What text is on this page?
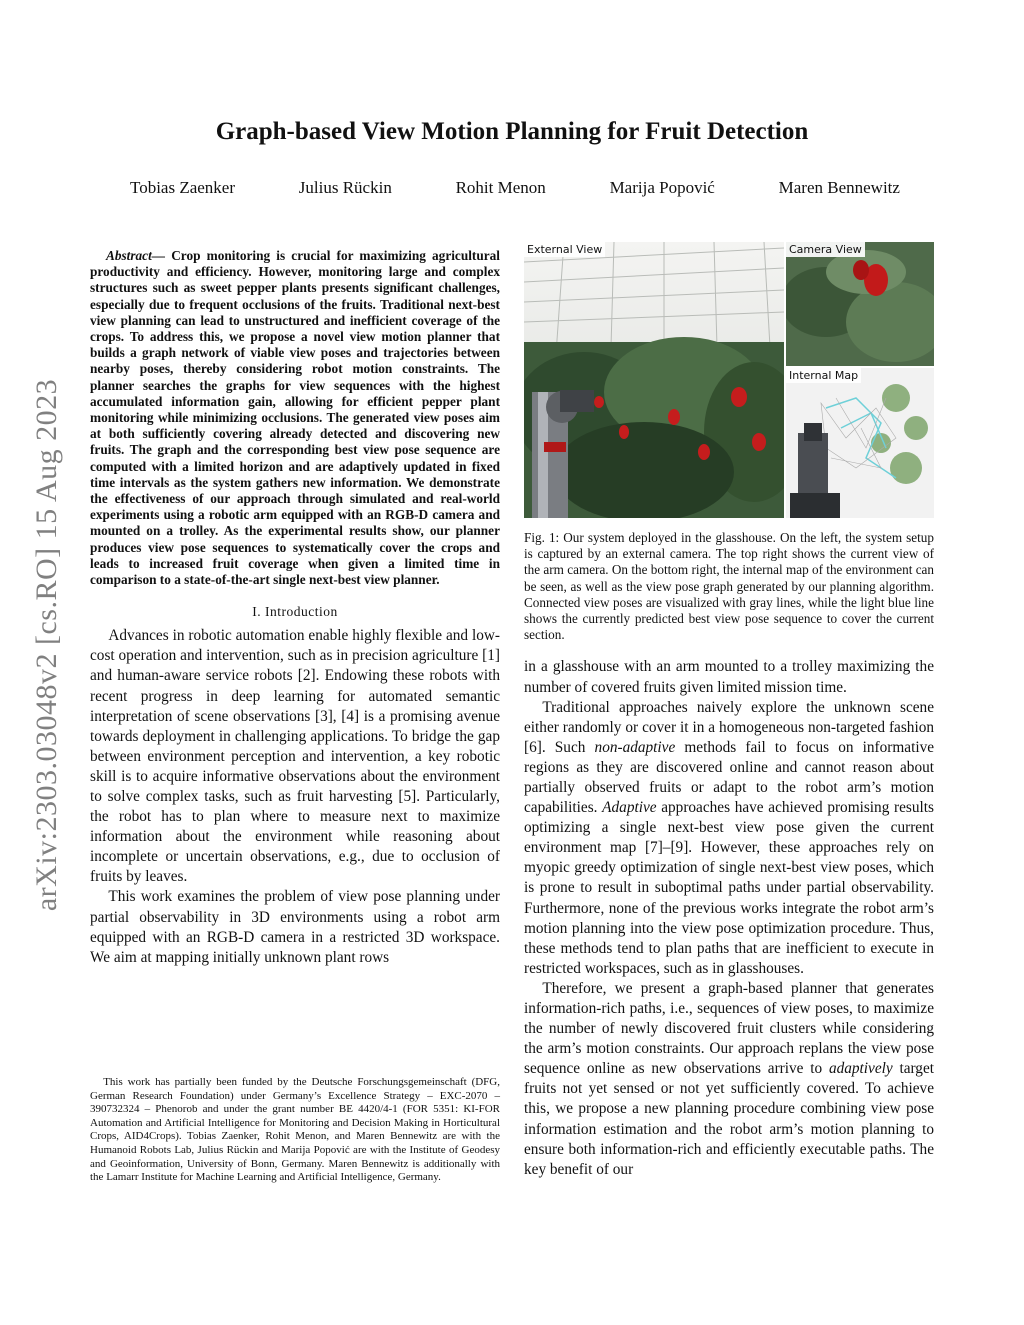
arXiv:2303.03048v2 [cs.RO] 15 Aug 2023
Graph-based View Motion Planning for Fruit Detection
Tobias Zaenker	Julius Rückin	Rohit Menon	Marija Popović	Maren Bennewitz

Abstract— Crop monitoring is crucial for maximizing agricultural productivity and efficiency. However, monitoring large and complex structures such as sweet pepper plants presents significant challenges, especially due to frequent occlusions of the fruits. Traditional next-best view planning can lead to unstructured and inefficient coverage of the crops. To address this, we propose a novel view motion planner that builds a graph network of viable view poses and trajectories between nearby poses, thereby considering robot motion constraints. The planner searches the graphs for view sequences with the highest accumulated information gain, allowing for efficient pepper plant monitoring while minimizing occlusions. The generated view poses aim at both sufficiently covering already detected and discovering new fruits. The graph and the corresponding best view pose sequence are computed with a limited horizon and are adaptively updated in fixed time intervals as the system gathers new information. We demonstrate the effectiveness of our approach through simulated and real-world experiments using a robotic arm equipped with an RGB-D camera and mounted on a trolley. As the experimental results show, our planner produces view pose sequences to systematically cover the crops and leads to increased fruit coverage when given a limited time in comparison to a state-of-the-art single next-best view planner.

I. Introduction

Advances in robotic automation enable highly flexible and low-cost operation and intervention, such as in precision agriculture [1] and human-aware service robots [2]. Endowing these robots with recent progress in deep learning for automated semantic interpretation of scene observations [3], [4] is a promising avenue towards deployment in challenging applications. To bridge the gap between environment perception and intervention, a key robotic skill is to acquire informative observations about the environment to solve complex tasks, such as fruit harvesting [5]. Particularly, the robot has to plan where to measure next to maximize information about the environment while reasoning about incomplete or uncertain observations, e.g., due to occlusion of fruits by leaves.

This work examines the problem of view pose planning under partial observability in 3D environments using a robot arm equipped with an RGB-D camera in a restricted 3D workspace. We aim at mapping initially unknown plant rows

This work has partially been funded by the Deutsche Forschungsgemeinschaft (DFG, German Research Foundation) under Germany’s Excellence Strategy – EXC-2070 – 390732324 – Phenorob and under the grant number BE 4420/4-1 (FOR 5351: KI-FOR Automation and Artificial Intelligence for Monitoring and Decision Making in Horticultural Crops, AID4Crops). Tobias Zaenker, Rohit Menon, and Maren Bennewitz are with the Humanoid Robots Lab, Julius Rückin and Marija Popović are with the Institute of Geodesy and Geoinformation, University of Bonn, Germany. Maren Bennewitz is additionally with the Lamarr Institute for Machine Learning and Artificial Intelligence, Germany.

External View	Camera View
Internal Map

Fig. 1: Our system deployed in the glasshouse. On the left, the system setup is captured by an external camera. The top right shows the current view of the arm camera. On the bottom right, the internal map of the environment can be seen, as well as the view pose graph generated by our planning algorithm. Connected view poses are visualized with gray lines, while the light blue line shows the currently predicted best view pose sequence to cover the current section.

in a glasshouse with an arm mounted to a trolley maximizing the number of covered fruits given limited mission time.

Traditional approaches naively explore the unknown scene either randomly or cover it in a homogeneous non-targeted fashion [6]. Such non-adaptive methods fail to focus on informative regions as they are discovered online and cannot reason about partially observed fruits or adapt to the robot arm’s motion capabilities. Adaptive approaches have achieved promising results optimizing a single next-best view pose given the current environment map [7]–[9]. However, these approaches rely on myopic greedy optimization of single next-best view poses, which is prone to result in suboptimal paths under partial observability. Furthermore, none of the previous works integrate the robot arm’s motion planning into the view pose optimization procedure. Thus, these methods tend to plan paths that are inefficient to execute in restricted workspaces, such as in glasshouses.

Therefore, we present a graph-based planner that generates information-rich paths, i.e., sequences of view poses, to maximize the number of newly discovered fruit clusters while considering the arm’s motion constraints. Our approach replans the view pose sequence online as new observations arrive to adaptively target fruits not yet sensed or not yet sufficiently covered. To achieve this, we propose a new planning procedure combining view pose information estimation and the robot arm’s motion planning to ensure both information-rich and efficiently executable paths. The key benefit of our
